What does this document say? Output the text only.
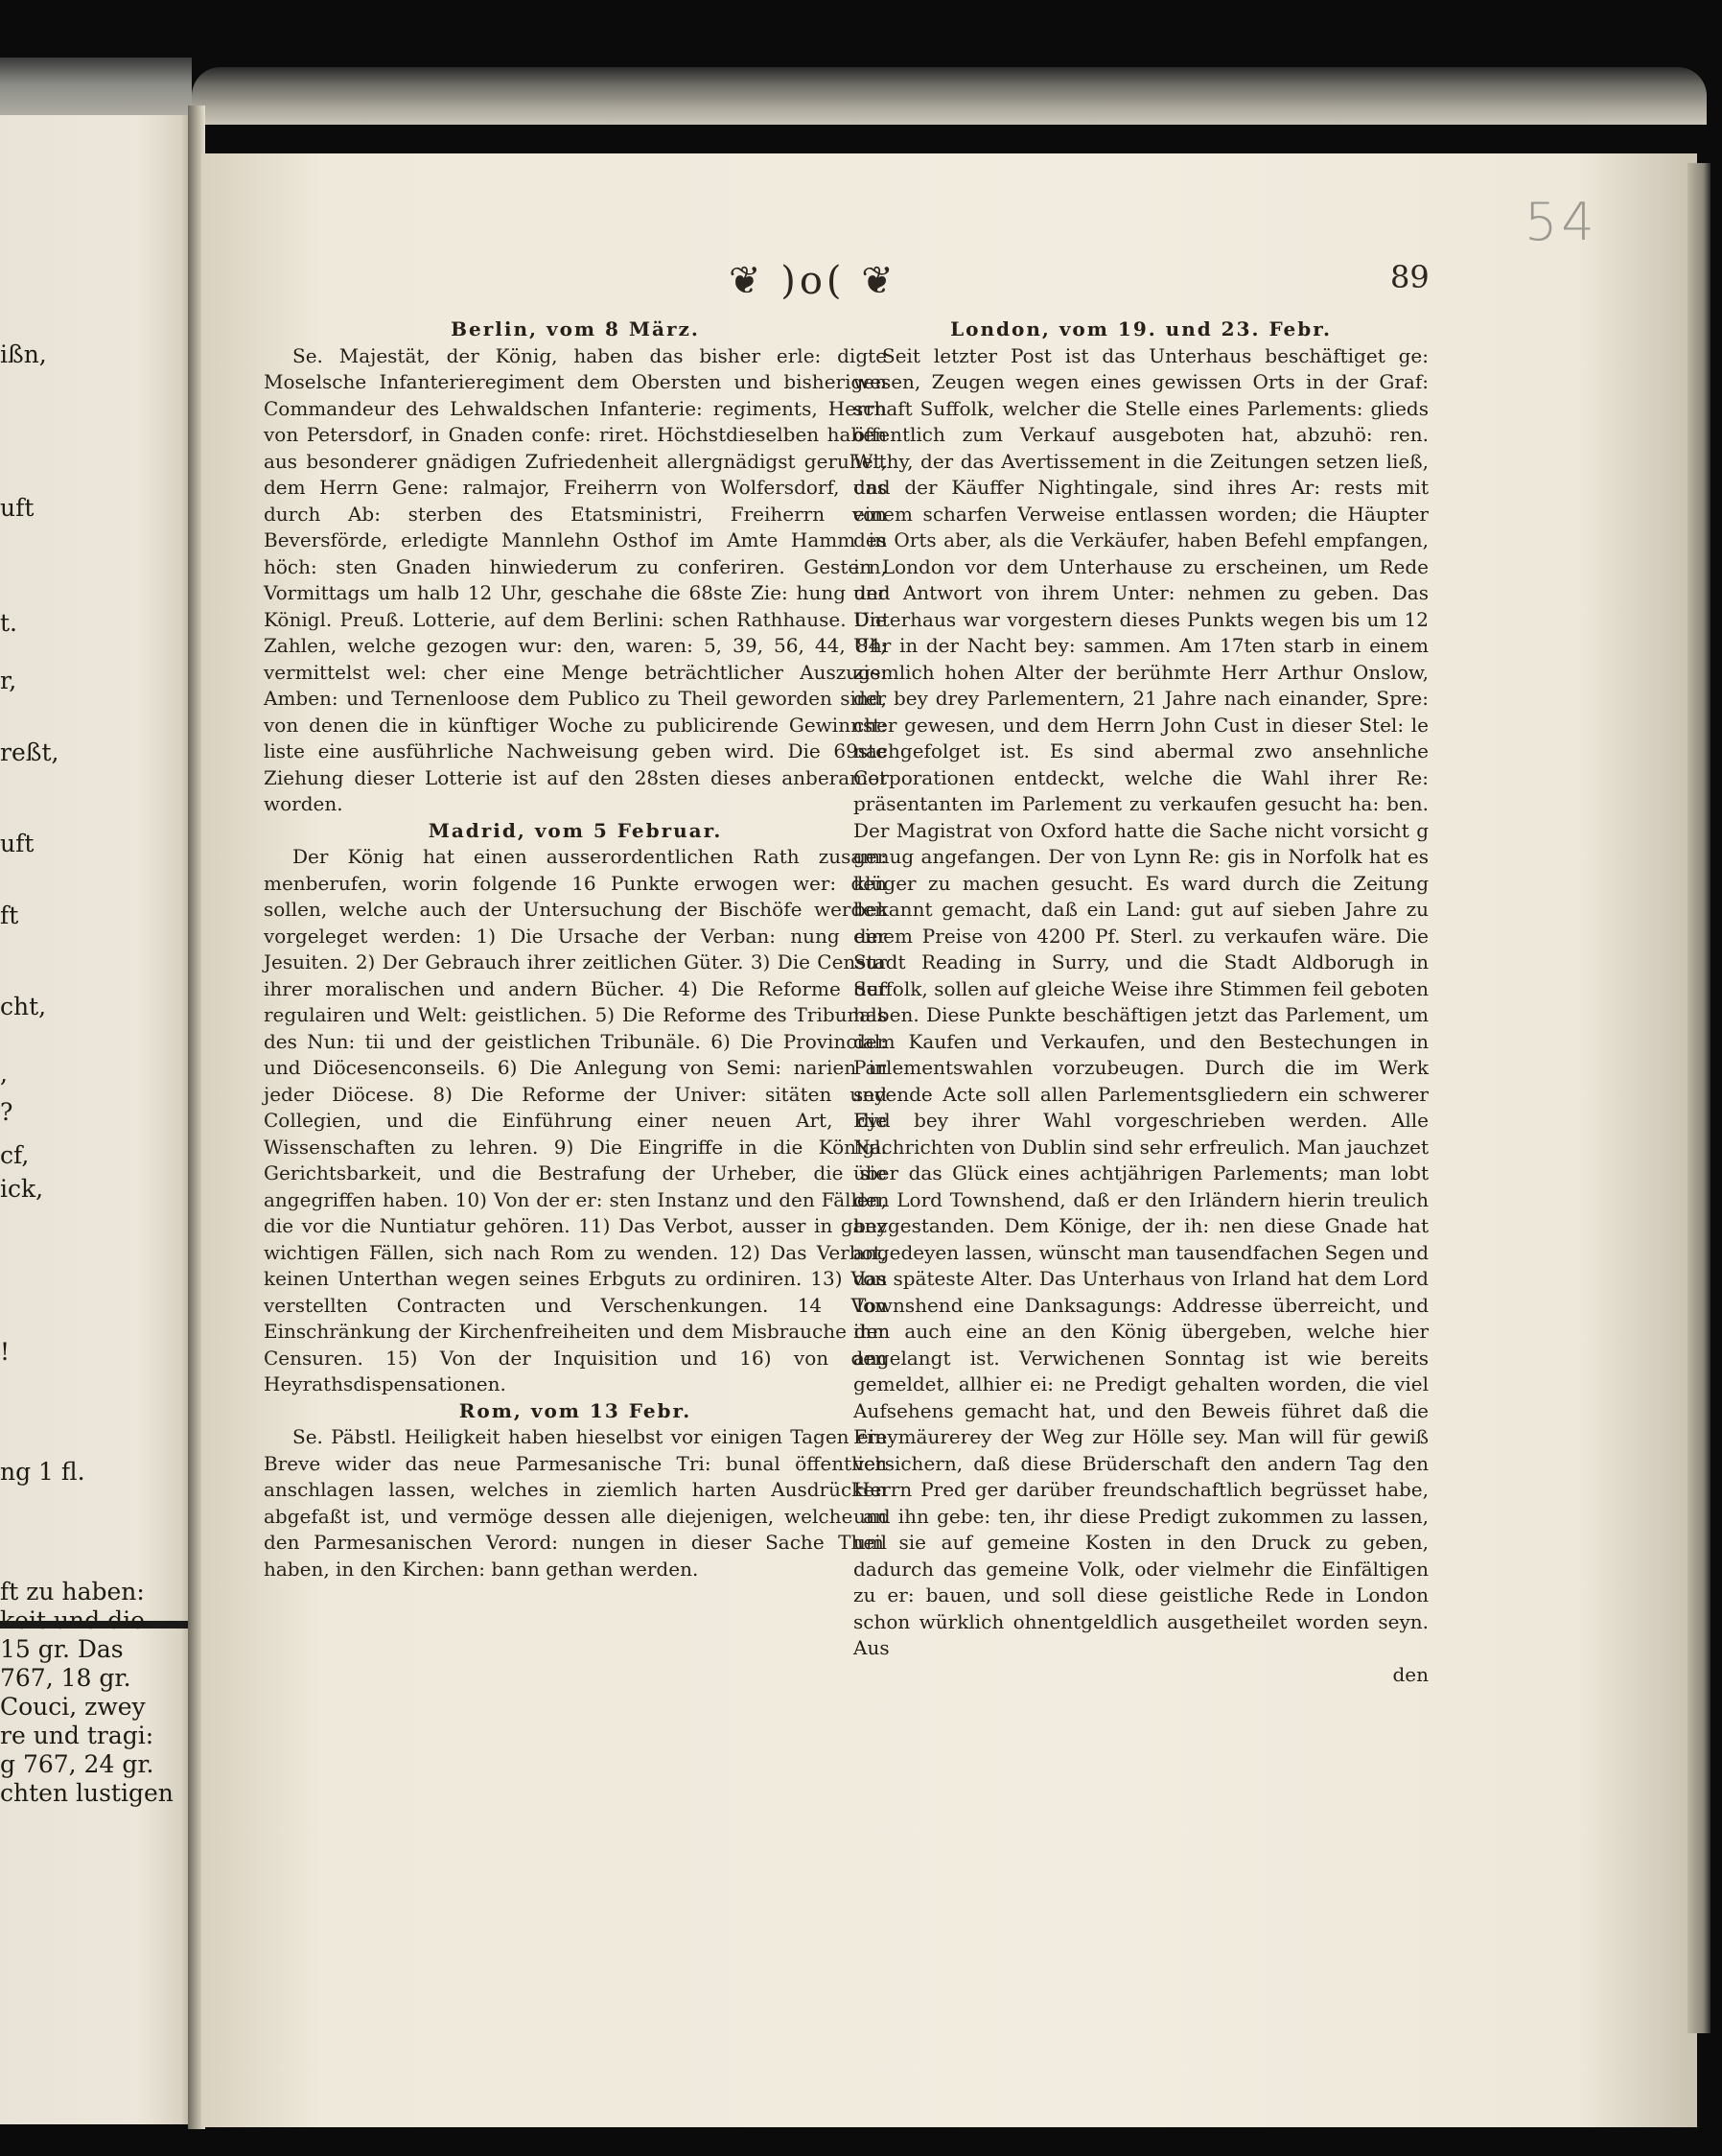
ißn,
uft
t.
r,
reßt,
uft
ft
cht,
,
?
cf,
ick,
!
ng 1 fl.
ft zu haben:
keit und die
15 gr. Das
767, 18 gr.
Couci, zwey
re und tragi:
g 767, 24 gr.
chten lustigen
54
❦ )o( ❦	89

Berlin, vom 8 März.

Se. Majestät, der König, haben das bisher erle: digte Moselsche Infanterieregiment dem Obersten und bisherigen Commandeur des Lehwaldschen Infanterie: regiments, Herrn von Petersdorf, in Gnaden confe: riret. Höchstdieselben haben aus besonderer gnädigen Zufriedenheit allergnädigst geruhet, dem Herrn Gene: ralmajor, Freiherrn von Wolfersdorf, das durch Ab: sterben des Etatsministri, Freiherrn von Beversförde, erledigte Mannlehn Osthof im Amte Hamm in höch: sten Gnaden hinwiederum zu conferiren. Gestern, Vormittags um halb 12 Uhr, geschahe die 68ste Zie: hung der Königl. Preuß. Lotterie, auf dem Berlini: schen Rathhause. Die Zahlen, welche gezogen wur: den, waren: 5, 39, 56, 44, 84; vermittelst wel: cher eine Menge beträchtlicher Auszugs: Amben: und Ternenloose dem Publico zu Theil geworden sind, von denen die in künftiger Woche zu publicirende Gewinnst: liste eine ausführliche Nachweisung geben wird. Die 69ste Ziehung dieser Lotterie ist auf den 28sten dieses anberamet worden.

Madrid, vom 5 Februar.

Der König hat einen ausserordentlichen Rath zusam: menberufen, worin folgende 16 Punkte erwogen wer: den sollen, welche auch der Untersuchung der Bischöfe werden vorgeleget werden: 1) Die Ursache der Verban: nung der Jesuiten. 2) Der Gebrauch ihrer zeitlichen Güter. 3) Die Censur ihrer moralischen und andern Bücher. 4) Die Reforme der regulairen und Welt: geistlichen. 5) Die Reforme des Tribunals des Nun: tii und der geistlichen Tribunäle. 6) Die Provincial: und Diöcesenconseils. 6) Die Anlegung von Semi: narien in jeder Diöcese. 8) Die Reforme der Univer: sitäten und Collegien, und die Einführung einer neuen Art, die Wissenschaften zu lehren. 9) Die Eingriffe in die Königl. Gerichtsbarkeit, und die Bestrafung der Urheber, die sie angegriffen haben. 10) Von der er: sten Instanz und den Fällen, die vor die Nuntiatur gehören. 11) Das Verbot, ausser in ganz wichtigen Fällen, sich nach Rom zu wenden. 12) Das Verbot, keinen Unterthan wegen seines Erbguts zu ordiniren. 13) Von verstellten Contracten und Verschenkungen. 14 Von Einschränkung der Kirchenfreiheiten und dem Misbrauche der Censuren. 15) Von der Inquisition und 16) von den Heyrathsdispensationen.

Rom, vom 13 Febr.

Se. Päbstl. Heiligkeit haben hieselbst vor einigen Tagen ein Breve wider das neue Parmesanische Tri: bunal öffentlich anschlagen lassen, welches in ziemlich harten Ausdrücken abgefaßt ist, und vermöge dessen alle diejenigen, welche an den Parmesanischen Verord: nungen in dieser Sache Theil haben, in den Kirchen: bann gethan werden.

London, vom 19. und 23. Febr.

Seit letzter Post ist das Unterhaus beschäftiget ge: wesen, Zeugen wegen eines gewissen Orts in der Graf: schaft Suffolk, welcher die Stelle eines Parlements: glieds öffentlich zum Verkauf ausgeboten hat, abzuhö: ren. Withy, der das Avertissement in die Zeitungen setzen ließ, und der Käuffer Nightingale, sind ihres Ar: rests mit einem scharfen Verweise entlassen worden; die Häupter des Orts aber, als die Verkäufer, haben Befehl empfangen, in London vor dem Unterhause zu erscheinen, um Rede und Antwort von ihrem Unter: nehmen zu geben. Das Unterhaus war vorgestern dieses Punkts wegen bis um 12 Uhr in der Nacht bey: sammen. Am 17ten starb in einem ziemlich hohen Alter der berühmte Herr Arthur Onslow, der bey drey Parlementern, 21 Jahre nach einander, Spre: cher gewesen, und dem Herrn John Cust in dieser Stel: le nachgefolget ist. Es sind abermal zwo ansehnliche Corporationen entdeckt, welche die Wahl ihrer Re: präsentanten im Parlement zu verkaufen gesucht ha: ben. Der Magistrat von Oxford hatte die Sache nicht vorsicht g genug angefangen. Der von Lynn Re: gis in Norfolk hat es klüger zu machen gesucht. Es ward durch die Zeitung bekannt gemacht, daß ein Land: gut auf sieben Jahre zu einem Preise von 4200 Pf. Sterl. zu verkaufen wäre. Die Stadt Reading in Surry, und die Stadt Aldborugh in Suffolk, sollen auf gleiche Weise ihre Stimmen feil geboten haben. Diese Punkte beschäftigen jetzt das Parlement, um dem Kaufen und Verkaufen, und den Bestechungen in Parlementswahlen vorzubeugen. Durch die im Werk seyende Acte soll allen Parlementsgliedern ein schwerer Eyd bey ihrer Wahl vorgeschrieben werden. Alle Nachrichten von Dublin sind sehr erfreulich. Man jauchzet über das Glück eines achtjährigen Parlements; man lobt den Lord Townshend, daß er den Irländern hierin treulich beygestanden. Dem Könige, der ih: nen diese Gnade hat angedeyen lassen, wünscht man tausendfachen Segen und das späteste Alter. Das Unterhaus von Irland hat dem Lord Townshend eine Danksagungs: Addresse überreicht, und ihm auch eine an den König übergeben, welche hier angelangt ist. Verwichenen Sonntag ist wie bereits gemeldet, allhier ei: ne Predigt gehalten worden, die viel Aufsehens gemacht hat, und den Beweis führet daß die Freymäurerey der Weg zur Hölle sey. Man will für gewiß versichern, daß diese Brüderschaft den andern Tag den Herrn Pred ger darüber freundschaftlich begrüsset habe, und ihn gebe: ten, ihr diese Predigt zukommen zu lassen, um sie auf gemeine Kosten in den Druck zu geben, dadurch das gemeine Volk, oder vielmehr die Einfältigen zu er: bauen, und soll diese geistliche Rede in London schon würklich ohnentgeldlich ausgetheilet worden seyn. Aus

den
